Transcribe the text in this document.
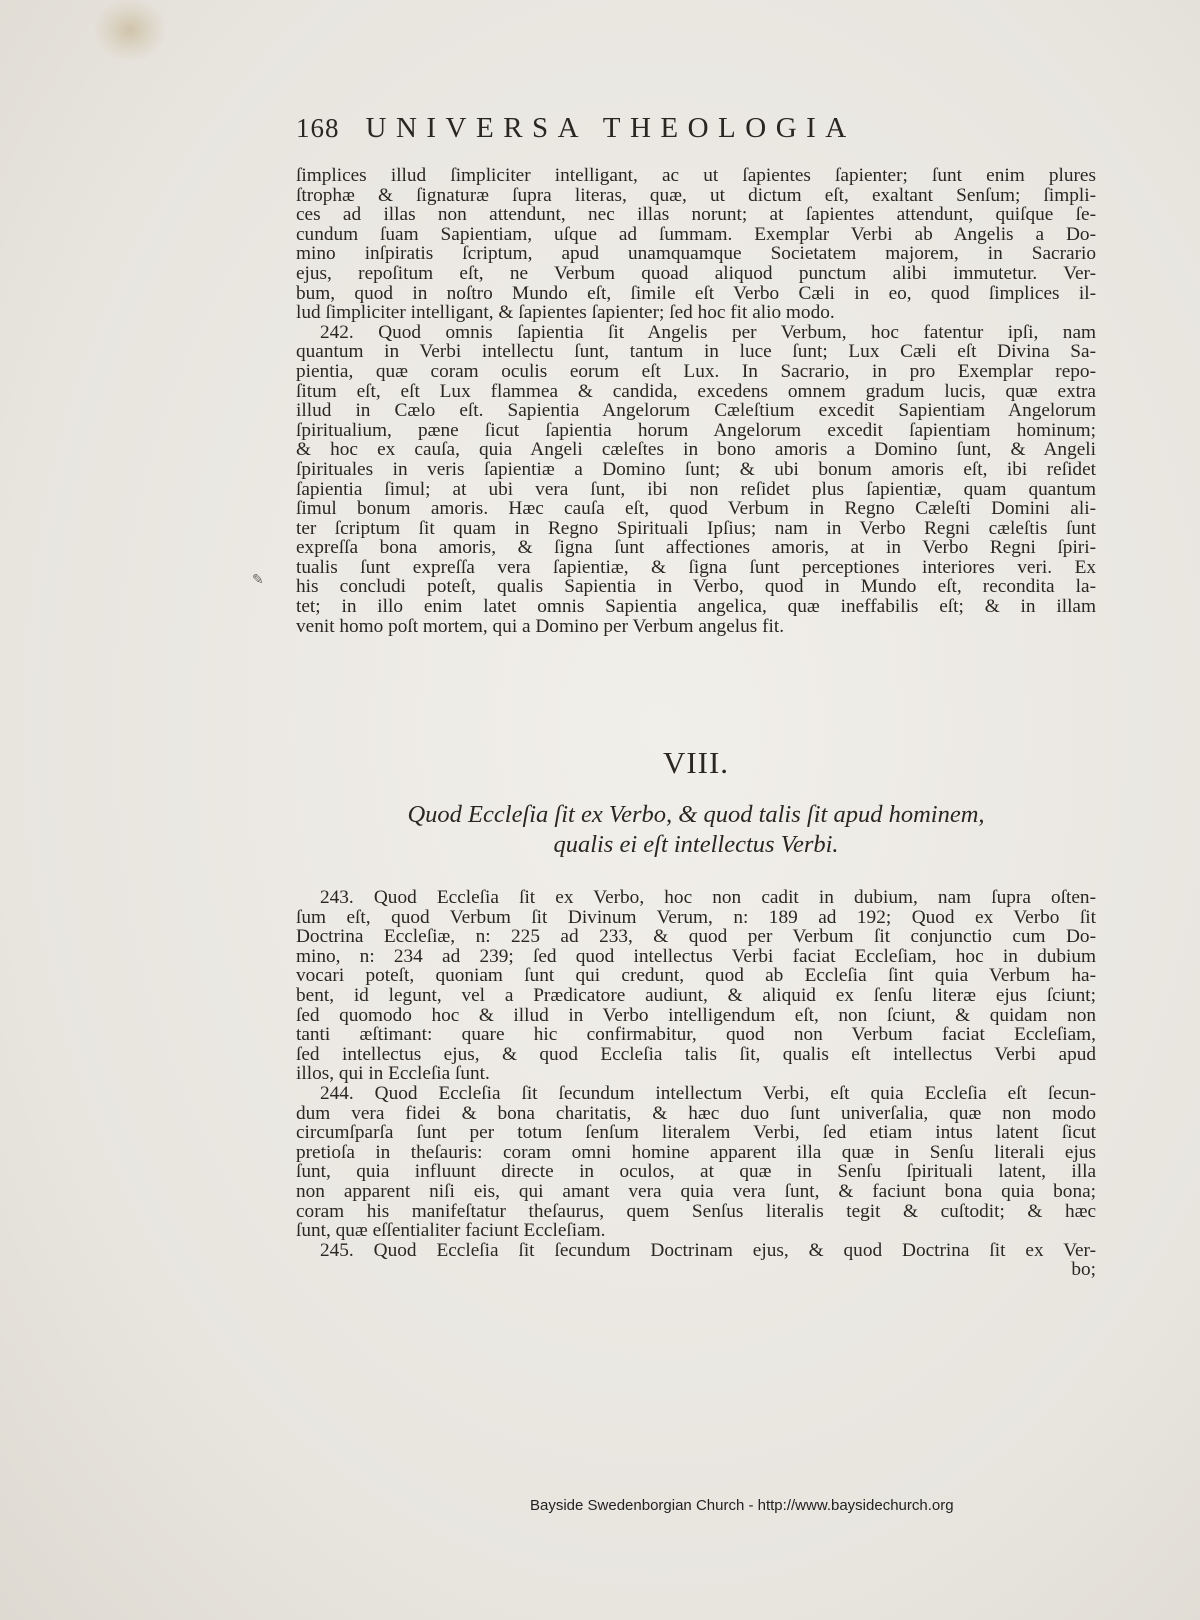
168 UNIVERSA THEOLOGIA
ſimplices illud ſimpliciter intelligant, ac ut ſapientes ſapienter; ſunt enim plures
ſtrophæ & ſignaturæ ſupra literas, quæ, ut dictum eſt, exaltant Senſum; ſimpli-
ces ad illas non attendunt, nec illas norunt; at ſapientes attendunt, quiſque ſe-
cundum ſuam Sapientiam, uſque ad ſummam. Exemplar Verbi ab Angelis a Do-
mino inſpiratis ſcriptum, apud unamquamque Societatem majorem, in Sacrario
ejus, repoſitum eſt, ne Verbum quoad aliquod punctum alibi immutetur. Ver-
bum, quod in noſtro Mundo eſt, ſimile eſt Verbo Cæli in eo, quod ſimplices il-
lud ſimpliciter intelligant, & ſapientes ſapienter; ſed hoc fit alio modo.
242. Quod omnis ſapientia ſit Angelis per Verbum, hoc fatentur ipſi, nam
quantum in Verbi intellectu ſunt, tantum in luce ſunt; Lux Cæli eſt Divina Sa-
pientia, quæ coram oculis eorum eſt Lux. In Sacrario, in pro Exemplar repo-
ſitum eſt, eſt Lux flammea & candida, excedens omnem gradum lucis, quæ extra
illud in Cælo eſt. Sapientia Angelorum Cæleſtium excedit Sapientiam Angelorum
ſpiritualium, pæne ſicut ſapientia horum Angelorum excedit ſapientiam hominum;
& hoc ex cauſa, quia Angeli cæleſtes in bono amoris a Domino ſunt, & Angeli
ſpirituales in veris ſapientiæ a Domino ſunt; & ubi bonum amoris eſt, ibi reſidet
ſapientia ſimul; at ubi vera ſunt, ibi non reſidet plus ſapientiæ, quam quantum
ſimul bonum amoris. Hæc cauſa eſt, quod Verbum in Regno Cæleſti Domini ali-
ter ſcriptum ſit quam in Regno Spirituali Ipſius; nam in Verbo Regni cæleſtis ſunt
expreſſa bona amoris, & ſigna ſunt affectiones amoris, at in Verbo Regni ſpiri-
tualis ſunt expreſſa vera ſapientiæ, & ſigna ſunt perceptiones interiores veri. Ex
his concludi poteſt, qualis Sapientia in Verbo, quod in Mundo eſt, recondita la-
tet; in illo enim latet omnis Sapientia angelica, quæ ineffabilis eſt; & in illam
venit homo poſt mortem, qui a Domino per Verbum angelus fit.
VIII.
Quod Eccleſia ſit ex Verbo, & quod talis ſit apud hominem,
qualis ei eſt intellectus Verbi.
243. Quod Eccleſia ſit ex Verbo, hoc non cadit in dubium, nam ſupra oſten-
ſum eſt, quod Verbum ſit Divinum Verum, n: 189 ad 192; Quod ex Verbo ſit
Doctrina Eccleſiæ, n: 225 ad 233, & quod per Verbum ſit conjunctio cum Do-
mino, n: 234 ad 239; ſed quod intellectus Verbi faciat Eccleſiam, hoc in dubium
vocari poteſt, quoniam ſunt qui credunt, quod ab Eccleſia ſint quia Verbum ha-
bent, id legunt, vel a Prædicatore audiunt, & aliquid ex ſenſu literæ ejus ſciunt;
ſed quomodo hoc & illud in Verbo intelligendum eſt, non ſciunt, & quidam non
tanti æſtimant: quare hic confirmabitur, quod non Verbum faciat Eccleſiam,
ſed intellectus ejus, & quod Eccleſia talis ſit, qualis eſt intellectus Verbi apud
illos, qui in Eccleſia ſunt.
244. Quod Eccleſia ſit ſecundum intellectum Verbi, eſt quia Eccleſia eſt ſecun-
dum vera fidei & bona charitatis, & hæc duo ſunt univerſalia, quæ non modo
circumſparſa ſunt per totum ſenſum literalem Verbi, ſed etiam intus latent ſicut
pretioſa in theſauris: coram omni homine apparent illa quæ in Senſu literali ejus
ſunt, quia influunt directe in oculos, at quæ in Senſu ſpirituali latent, illa
non apparent niſi eis, qui amant vera quia vera ſunt, & faciunt bona quia bona;
coram his manifeſtatur theſaurus, quem Senſus literalis tegit & cuſtodit; & hæc
ſunt, quæ eſſentialiter faciunt Eccleſiam.
245. Quod Eccleſia ſit ſecundum Doctrinam ejus, & quod Doctrina ſit ex Ver-
bo;
✎
Bayside Swedenborgian Church - http://www.baysidechurch.org
